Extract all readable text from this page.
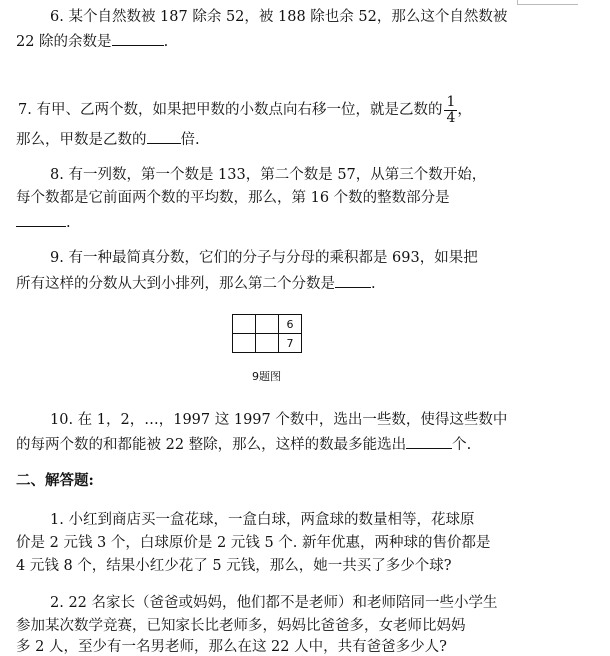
6. 某个自然数被 187 除余 52，被 188 除也余 52，那么这个自然数被
22 除的余数是	.
7. 有甲、乙两个数，如果把甲数的小数点向右移一位，就是乙数的 $\frac{1}{4}$ ，
那么，甲数是乙数的 倍.
8. 有一列数，第一个数是 133，第二个数是 57，从第三个数开始，
每个数都是它前面两个数的平均数，那么，第 16 个数的整数部分是
.
9. 有一种最简真分数，它们的分子与分母的乘积都是 693，如果把
所有这样的分数从大到小排列，那么第二个分数是 .
		6
		7
9题图
10. 在 1，2，…，1997 这 1997 个数中，选出一些数，使得这些数中
的每两个数的和都能被 22 整除，那么，这样的数最多能选出	个.
二、解答题:
1. 小红到商店买一盒花球，一盒白球，两盒球的数量相等，花球原
价是 2 元钱 3 个，白球原价是 2 元钱 5 个. 新年优惠，两种球的售价都是
4 元钱 8 个，结果小红少花了 5 元钱，那么，她一共买了多少个球?
2. 22 名家长（爸爸或妈妈，他们都不是老师）和老师陪同一些小学生
参加某次数学竞赛，已知家长比老师多，妈妈比爸爸多，女老师比妈妈
多 2 人，至少有一名男老师，那么在这 22 人中，共有爸爸多少人?
